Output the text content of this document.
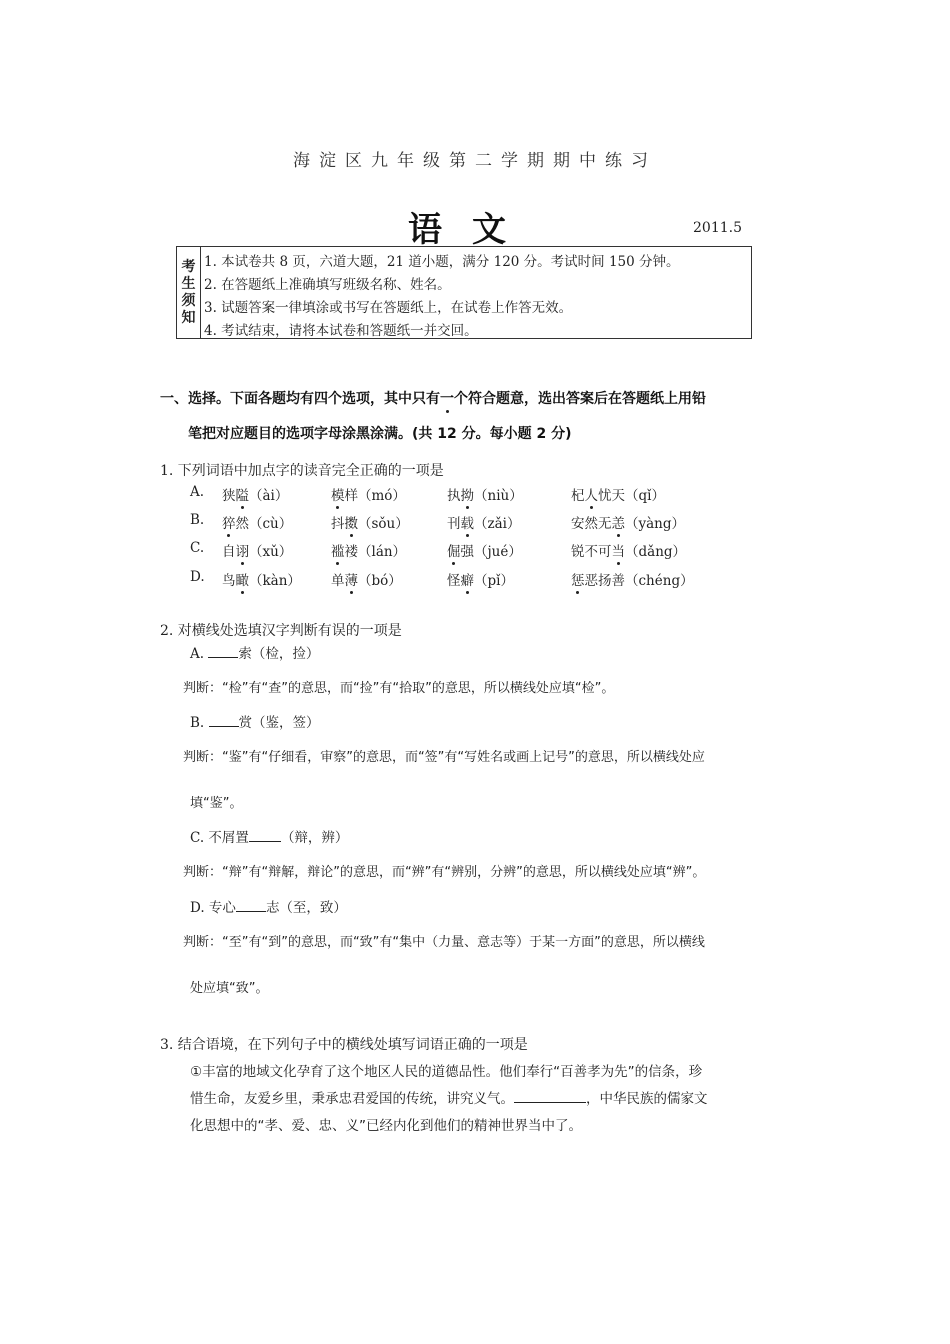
海淀区九年级第二学期期中练习
语文	2011.5
考
生
须
知
1. 本试卷共 8 页，六道大题，21 道小题，满分 120 分。考试时间 150 分钟。
2. 在答题纸上准确填写班级名称、姓名。
3. 试题答案一律填涂或书写在答题纸上，在试卷上作答无效。
4. 考试结束，请将本试卷和答题纸一并交回。
一、选择。下面各题均有四个选项，其中只有一个符合题意，选出答案后在答题纸上用铅
笔把对应题目的选项字母涂黑涂满。(共 12 分。每小题 2 分)
1. 下列词语中加点字的读音完全正确的一项是
A. 狭隘（ài）	模样（mó）	执拗（niù）	杞人忧天（qǐ）
B. 猝然（cù）	抖擞（sǒu）	刊载（zǎi）	安然无恙（yàng）
C. 自诩（xǔ）	褴褛（lán）	倔强（jué）	锐不可当（dǎng）
D. 鸟瞰（kàn） 单薄（bó）	怪癖（pǐ）	惩恶扬善（chéng）
2. 对横线处选填汉字判断有误的一项是
A.	索（检，捡）
判断：“检”有“查”的意思，而“捡”有“拾取”的意思，所以横线处应填“检”。
B.	赏（鉴，签）
判断：“鉴”有“仔细看，审察”的意思，而“签”有“写姓名或画上记号”的意思，所以横线处应
填“鉴”。
C. 不屑置 （辩，辨）
判断：“辩”有“辩解，辩论”的意思，而“辨”有“辨别，分辨”的意思，所以横线处应填“辨”。
D. 专心 志（至，致）
判断：“至”有“到”的意思，而“致”有“集中（力量、意志等）于某一方面”的意思，所以横线
处应填“致”。
3. 结合语境，在下列句子中的横线处填写词语正确的一项是
①丰富的地域文化孕育了这个地区人民的道德品性。他们奉行“百善孝为先”的信条，珍
惜生命，友爱乡里，秉承忠君爱国的传统，讲究义气。	，中华民族的儒家文
化思想中的“孝、爱、忠、义”已经内化到他们的精神世界当中了。
